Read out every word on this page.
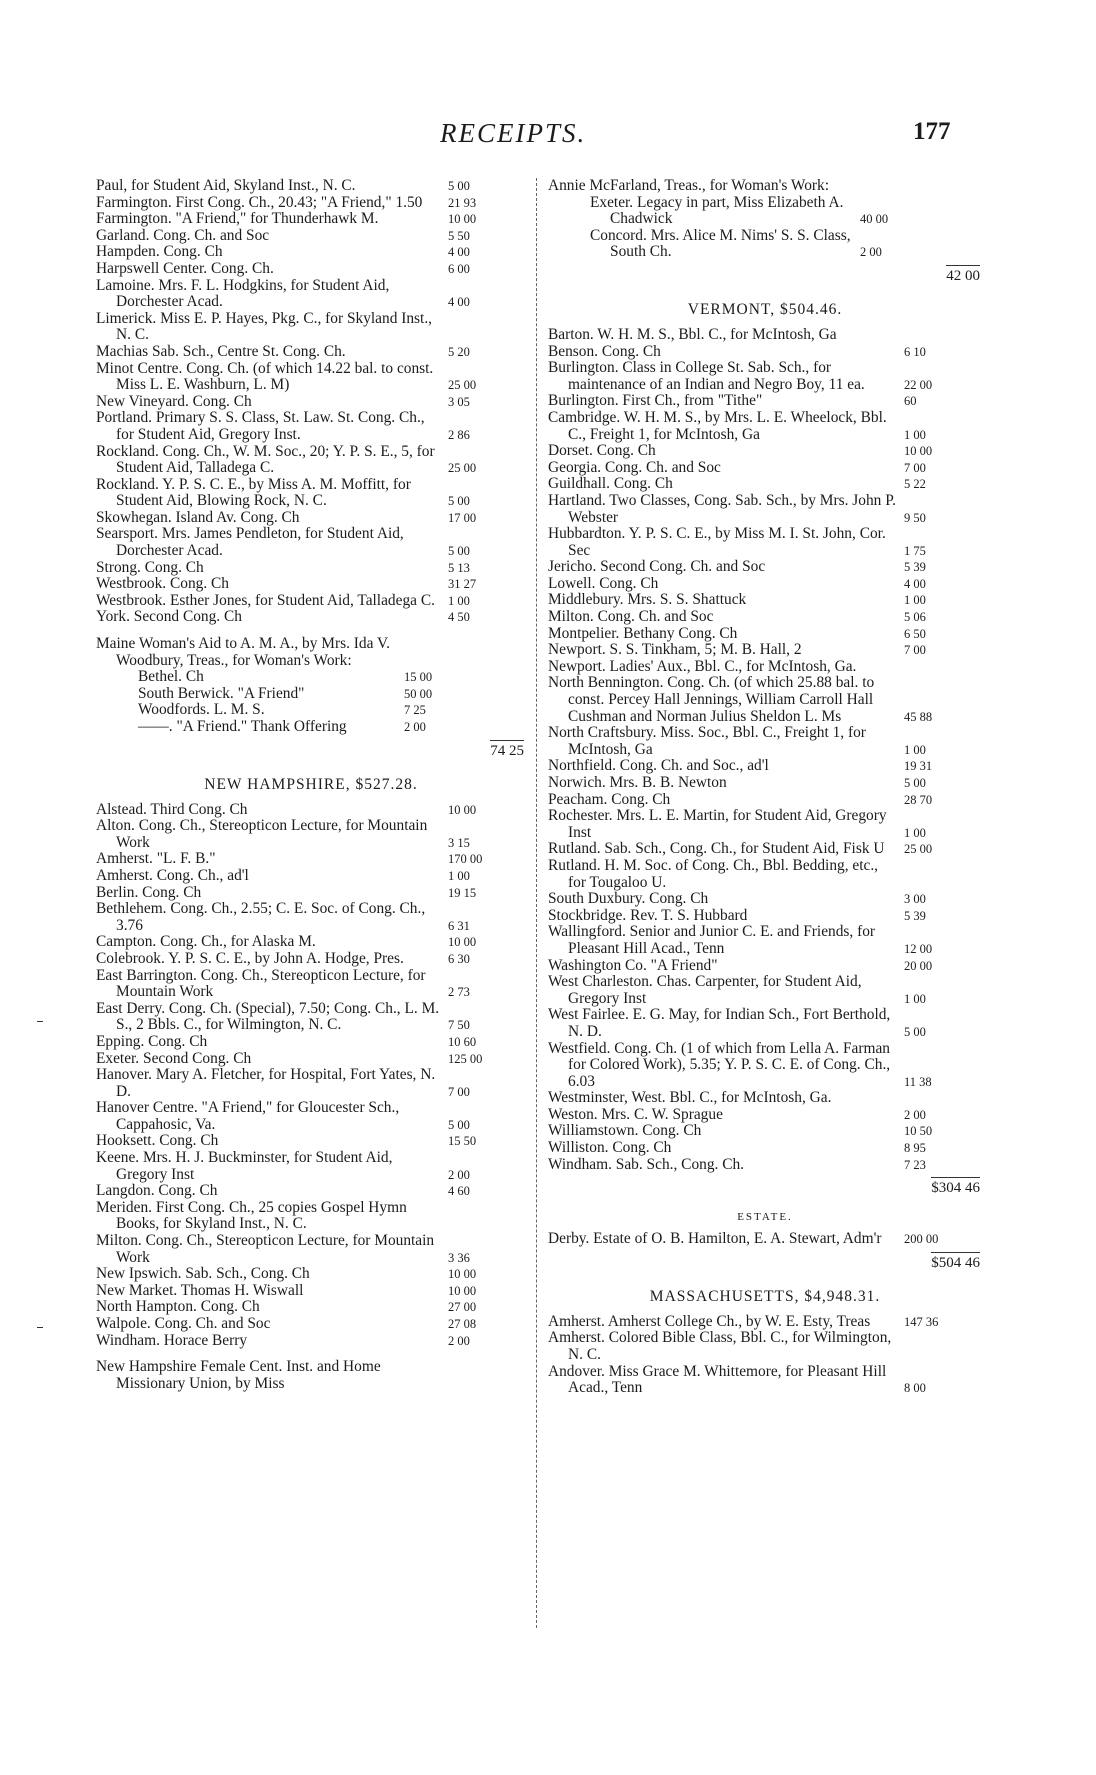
RECEIPTS.	177
Paul, for Student Aid, Skyland Inst., N. C.	5 00
Farmington. First Cong. Ch., 20.43; "A Friend," 1.50	21 93
Farmington. "A Friend," for Thunderhawk M.	10 00
Garland. Cong. Ch. and Soc	5 50
Hampden. Cong. Ch	4 00
Harpswell Center. Cong. Ch.	6 00
Lamoine. Mrs. F. L. Hodgkins, for Student Aid, Dorchester Acad.	4 00
Limerick. Miss E. P. Hayes, Pkg. C., for Skyland Inst., N. C.
Machias Sab. Sch., Centre St. Cong. Ch.	5 20
Minot Centre. Cong. Ch. (of which 14.22 bal. to const. Miss L. E. Washburn, L. M)	25 00
New Vineyard. Cong. Ch	3 05
Portland. Primary S. S. Class, St. Law. St. Cong. Ch., for Student Aid, Gregory Inst.	2 86
Rockland. Cong. Ch., W. M. Soc., 20; Y. P. S. E., 5, for Student Aid, Talladega C.	25 00
Rockland. Y. P. S. C. E., by Miss A. M. Moffitt, for Student Aid, Blowing Rock, N. C.	5 00
Skowhegan. Island Av. Cong. Ch	17 00
Searsport. Mrs. James Pendleton, for Student Aid, Dorchester Acad.	5 00
Strong. Cong. Ch	5 13
Westbrook. Cong. Ch	31 27
Westbrook. Esther Jones, for Student Aid, Talladega C.	1 00
York. Second Cong. Ch	4 50
Maine Woman's Aid to A. M. A., by Mrs. Ida V. Woodbury, Treas., for Woman's Work:
Bethel. Ch	15 00
South Berwick. "A Friend"	50 00
Woodfords. L. M. S.	7 25
——. "A Friend." Thank Offering	2 00
74 25
NEW HAMPSHIRE, $527.28.
Alstead. Third Cong. Ch	10 00
Alton. Cong. Ch., Stereopticon Lecture, for Mountain Work	3 15
Amherst. "L. F. B."	170 00
Amherst. Cong. Ch., ad'l	1 00
Berlin. Cong. Ch	19 15
Bethlehem. Cong. Ch., 2.55; C. E. Soc. of Cong. Ch., 3.76	6 31
Campton. Cong. Ch., for Alaska M.	10 00
Colebrook. Y. P. S. C. E., by John A. Hodge, Pres.	6 30
East Barrington. Cong. Ch., Stereopticon Lecture, for Mountain Work	2 73
East Derry. Cong. Ch. (Special), 7.50; Cong. Ch., L. M. S., 2 Bbls. C., for Wilmington, N. C.	7 50
Epping. Cong. Ch	10 60
Exeter. Second Cong. Ch	125 00
Hanover. Mary A. Fletcher, for Hospital, Fort Yates, N. D.	7 00
Hanover Centre. "A Friend," for Gloucester Sch., Cappahosic, Va.	5 00
Hooksett. Cong. Ch	15 50
Keene. Mrs. H. J. Buckminster, for Student Aid, Gregory Inst	2 00
Langdon. Cong. Ch	4 60
Meriden. First Cong. Ch., 25 copies Gospel Hymn Books, for Skyland Inst., N. C.
Milton. Cong. Ch., Stereopticon Lecture, for Mountain Work	3 36
New Ipswich. Sab. Sch., Cong. Ch	10 00
New Market. Thomas H. Wiswall	10 00
North Hampton. Cong. Ch	27 00
Walpole. Cong. Ch. and Soc	27 08
Windham. Horace Berry	2 00
New Hampshire Female Cent. Inst. and Home Missionary Union, by Miss
Annie McFarland, Treas., for Woman's Work:
Exeter. Legacy in part, Miss Elizabeth A. Chadwick	40 00
Concord. Mrs. Alice M. Nims' S. S. Class, South Ch.	2 00
42 00
VERMONT, $504.46.
Barton. W. H. M. S., Bbl. C., for McIntosh, Ga
Benson. Cong. Ch	6 10
Burlington. Class in College St. Sab. Sch., for maintenance of an Indian and Negro Boy, 11 ea.	22 00
Burlington. First Ch., from "Tithe"	60
Cambridge. W. H. M. S., by Mrs. L. E. Wheelock, Bbl. C., Freight 1, for McIntosh, Ga	1 00
Dorset. Cong. Ch	10 00
Georgia. Cong. Ch. and Soc	7 00
Guildhall. Cong. Ch	5 22
Hartland. Two Classes, Cong. Sab. Sch., by Mrs. John P. Webster	9 50
Hubbardton. Y. P. S. C. E., by Miss M. I. St. John, Cor. Sec	1 75
Jericho. Second Cong. Ch. and Soc	5 39
Lowell. Cong. Ch	4 00
Middlebury. Mrs. S. S. Shattuck	1 00
Milton. Cong. Ch. and Soc	5 06
Montpelier. Bethany Cong. Ch	6 50
Newport. S. S. Tinkham, 5; M. B. Hall, 2	7 00
Newport. Ladies' Aux., Bbl. C., for McIntosh, Ga.
North Bennington. Cong. Ch. (of which 25.88 bal. to const. Percey Hall Jennings, William Carroll Hall Cushman and Norman Julius Sheldon L. Ms	45 88
North Craftsbury. Miss. Soc., Bbl. C., Freight 1, for McIntosh, Ga	1 00
Northfield. Cong. Ch. and Soc., ad'l	19 31
Norwich. Mrs. B. B. Newton	5 00
Peacham. Cong. Ch	28 70
Rochester. Mrs. L. E. Martin, for Student Aid, Gregory Inst	1 00
Rutland. Sab. Sch., Cong. Ch., for Student Aid, Fisk U	25 00
Rutland. H. M. Soc. of Cong. Ch., Bbl. Bedding, etc., for Tougaloo U.
South Duxbury. Cong. Ch	3 00
Stockbridge. Rev. T. S. Hubbard	5 39
Wallingford. Senior and Junior C. E. and Friends, for Pleasant Hill Acad., Tenn	12 00
Washington Co. "A Friend"	20 00
West Charleston. Chas. Carpenter, for Student Aid, Gregory Inst	1 00
West Fairlee. E. G. May, for Indian Sch., Fort Berthold, N. D.	5 00
Westfield. Cong. Ch. (1 of which from Lella A. Farman for Colored Work), 5.35; Y. P. S. C. E. of Cong. Ch., 6.03	11 38
Westminster, West. Bbl. C., for McIntosh, Ga.
Weston. Mrs. C. W. Sprague	2 00
Williamstown. Cong. Ch	10 50
Williston. Cong. Ch	8 95
Windham. Sab. Sch., Cong. Ch.	7 23
$304 46
ESTATE.
Derby. Estate of O. B. Hamilton, E. A. Stewart, Adm'r	200 00
$504 46
MASSACHUSETTS, $4,948.31.
Amherst. Amherst College Ch., by W. E. Esty, Treas	147 36
Amherst. Colored Bible Class, Bbl. C., for Wilmington, N. C.
Andover. Miss Grace M. Whittemore, for Pleasant Hill Acad., Tenn	8 00
